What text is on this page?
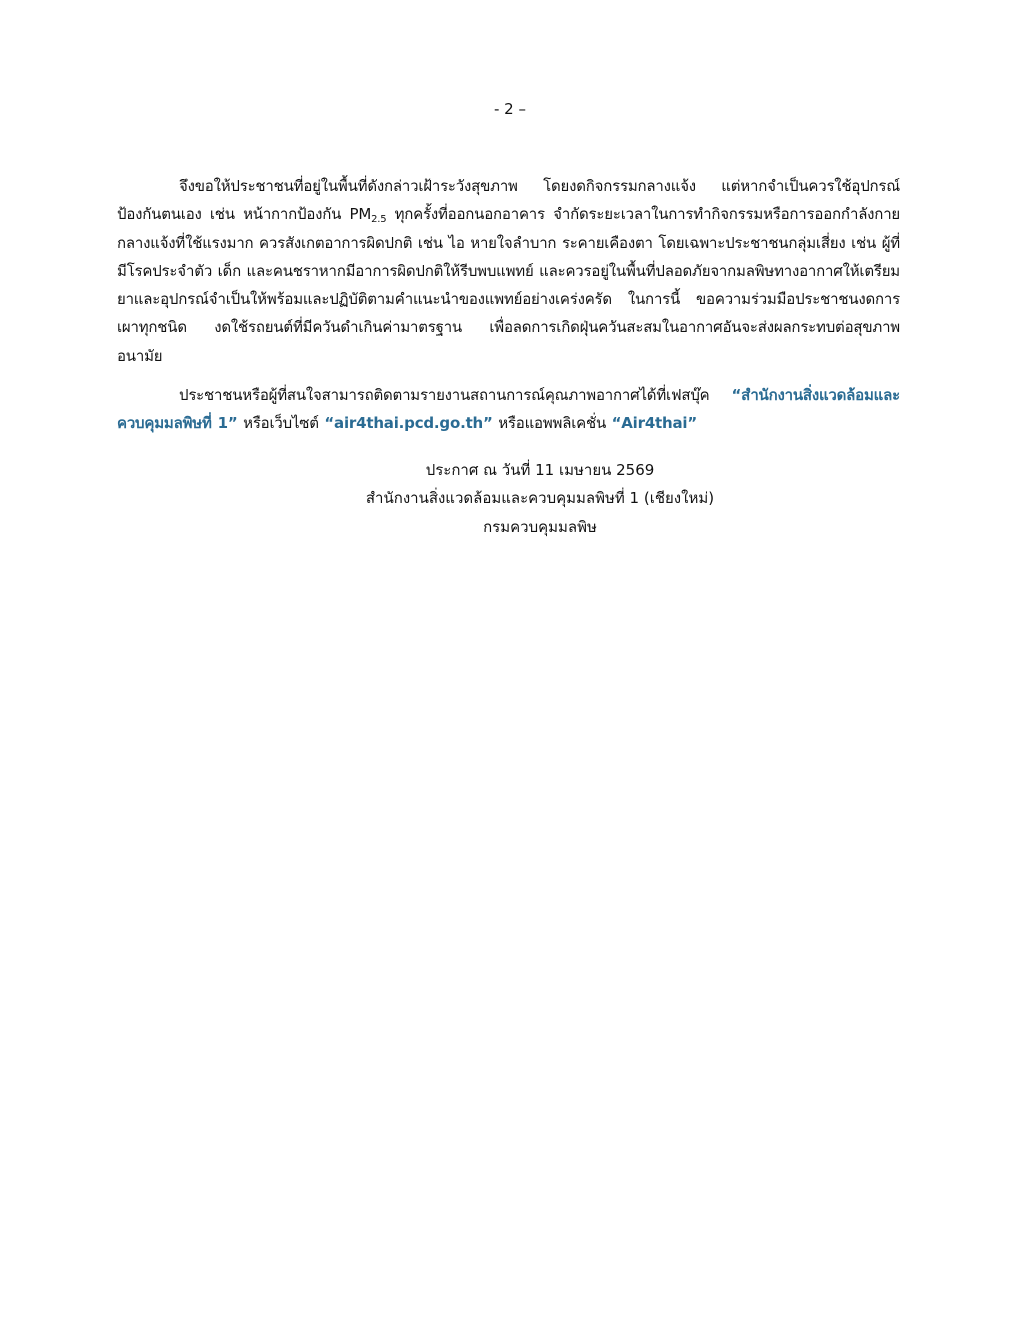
- 2 –

จึงขอให้ประชาชนที่อยู่ในพื้นที่ดังกล่าวเฝ้าระวังสุขภาพ โดยงดกิจกรรมกลางแจ้ง แต่หากจำเป็นควรใช้อุปกรณ์ป้องกันตนเอง เช่น หน้ากากป้องกัน $PM_{2.5}$ ทุกครั้งที่ออกนอกอาคาร จำกัดระยะเวลาในการทำกิจกรรมหรือการออกกำลังกายกลางแจ้งที่ใช้แรงมาก ควรสังเกตอาการผิดปกติ เช่น ไอ หายใจลำบาก ระคายเคืองตา โดยเฉพาะประชาชนกลุ่มเสี่ยง เช่น ผู้ที่มีโรคประจำตัว เด็ก และคนชราหากมีอาการผิดปกติให้รีบพบแพทย์ และควรอยู่ในพื้นที่ปลอดภัยจากมลพิษทางอากาศให้เตรียมยาและอุปกรณ์จำเป็นให้พร้อมและปฏิบัติตามคำแนะนำของแพทย์อย่างเคร่งครัด ในการนี้ ขอความร่วมมือประชาชนงดการเผาทุกชนิด งดใช้รถยนต์ที่มีควันดำเกินค่ามาตรฐาน เพื่อลดการเกิดฝุ่นควันสะสมในอากาศอันจะส่งผลกระทบต่อสุขภาพอนามัย

ประชาชนหรือผู้ที่สนใจสามารถติดตามรายงานสถานการณ์คุณภาพอากาศได้ที่เฟสบุ๊ค “สำนักงานสิ่งแวดล้อมและควบคุมมลพิษที่ 1” หรือเว็บไซต์ “air4thai.pcd.go.th” หรือแอพพลิเคชั่น “Air4thai”

ประกาศ ณ วันที่ 11 เมษายน 2569
สำนักงานสิ่งแวดล้อมและควบคุมมลพิษที่ 1 (เชียงใหม่)
กรมควบคุมมลพิษ
